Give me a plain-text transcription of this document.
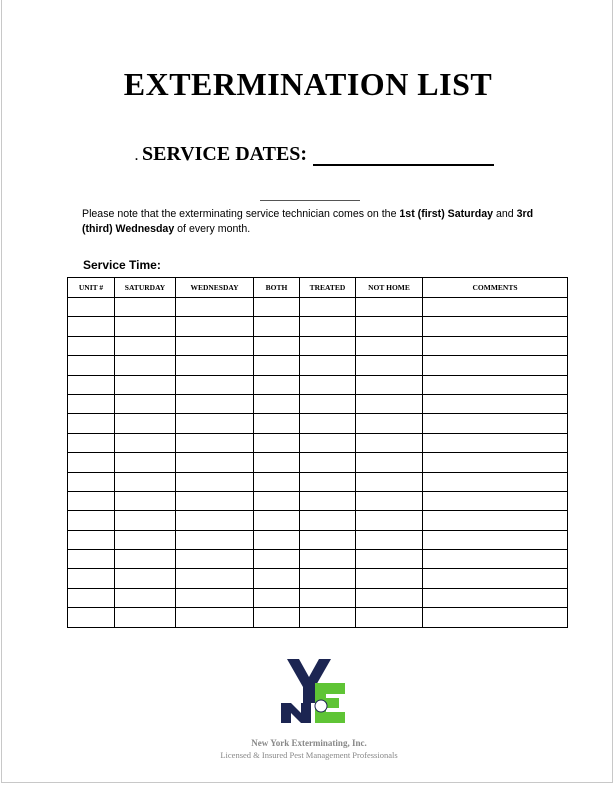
EXTERMINATION LIST
. SERVICE DATES:
Please note that the exterminating service technician comes on the 1st (first) Saturday and 3rd (third) Wednesday of every month.
Service Time:
UNIT #	SATURDAY	WEDNESDAY	BOTH	TREATED	NOT HOME	COMMENTS

New York Exterminating, Inc.
Licensed & Insured Pest Management Professionals
